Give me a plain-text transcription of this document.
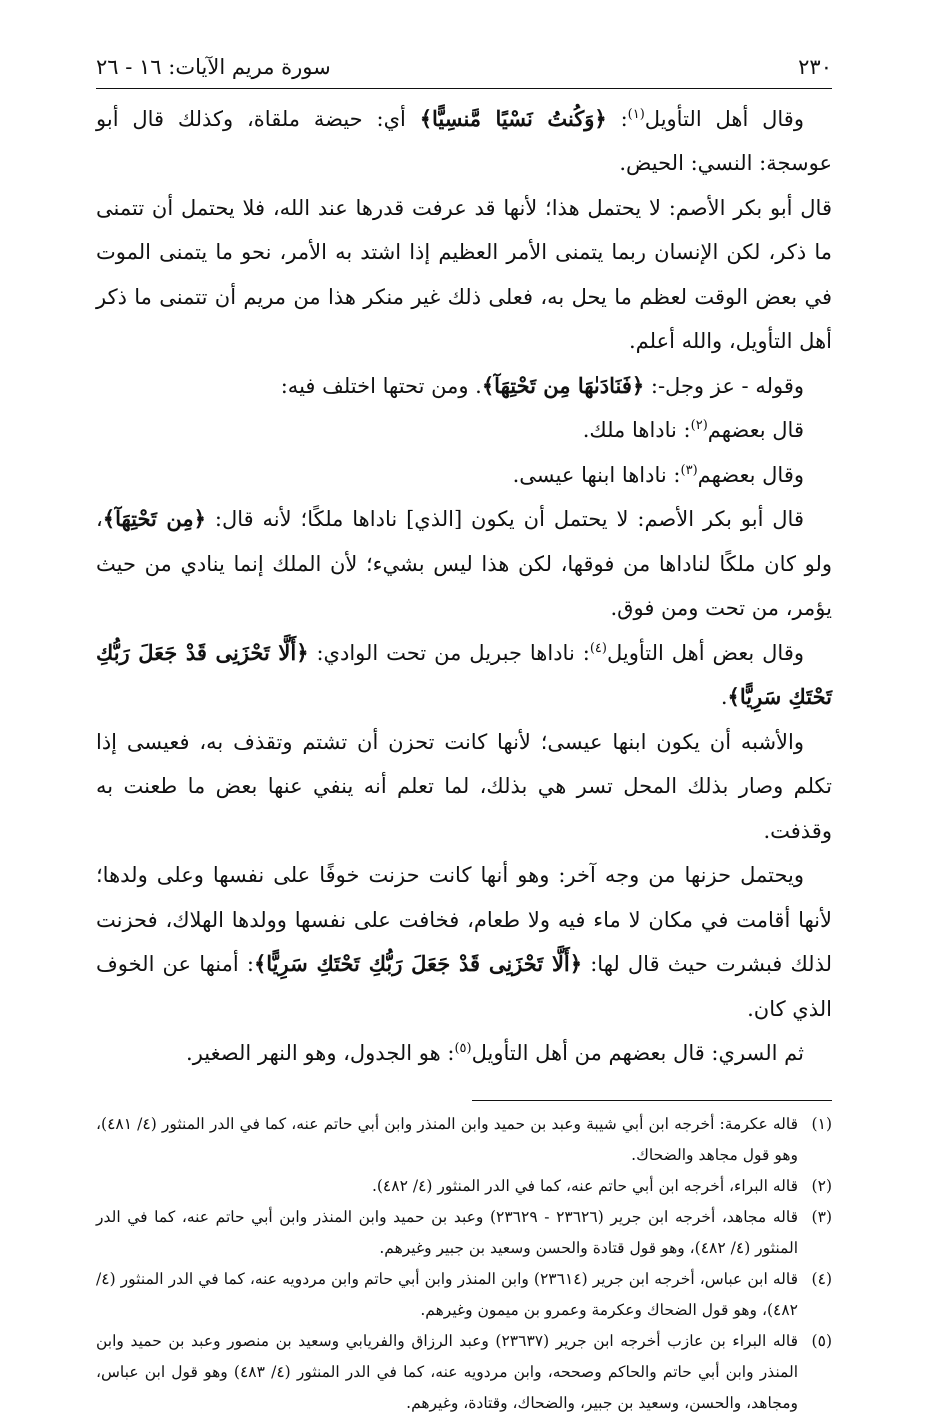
٢٣٠
سورة مريم الآيات: ١٦ - ٢٦

وقال أهل التأويل$^{(١)}$: ﴿وَكُنتُ نَسْيًا مَّنسِيًّا﴾ أي: حيضة ملقاة، وكذلك قال أبو عوسجة: النسي: الحيض.

قال أبو بكر الأصم: لا يحتمل هذا؛ لأنها قد عرفت قدرها عند الله، فلا يحتمل أن تتمنى ما ذكر، لكن الإنسان ربما يتمنى الأمر العظيم إذا اشتد به الأمر، نحو ما يتمنى الموت في بعض الوقت لعظم ما يحل به، فعلى ذلك غير منكر هذا من مريم أن تتمنى ما ذكر أهل التأويل، والله أعلم.

وقوله - عز وجل-: ﴿فَنَادَىٰهَا مِن تَحْتِهَآ﴾. ومن تحتها اختلف فيه:

قال بعضهم$^{(٢)}$: ناداها ملك.

وقال بعضهم$^{(٣)}$: ناداها ابنها عيسى.

قال أبو بكر الأصم: لا يحتمل أن يكون [الذي] ناداها ملكًا؛ لأنه قال: ﴿مِن تَحْتِهَآ﴾، ولو كان ملكًا لناداها من فوقها، لكن هذا ليس بشيء؛ لأن الملك إنما ينادي من حيث يؤمر، من تحت ومن فوق.

وقال بعض أهل التأويل$^{(٤)}$: ناداها جبريل من تحت الوادي: ﴿أَلَّا تَحْزَنِى قَدْ جَعَلَ رَبُّكِ تَحْتَكِ سَرِيًّا﴾.

والأشبه أن يكون ابنها عيسى؛ لأنها كانت تحزن أن تشتم وتقذف به، فعيسى إذا تكلم وصار بذلك المحل تسر هي بذلك، لما تعلم أنه ينفي عنها بعض ما طعنت به وقذفت.

ويحتمل حزنها من وجه آخر: وهو أنها كانت حزنت خوفًا على نفسها وعلى ولدها؛ لأنها أقامت في مكان لا ماء فيه ولا طعام، فخافت على نفسها وولدها الهلاك، فحزنت لذلك فبشرت حيث قال لها: ﴿أَلَّا تَحْزَنِى قَدْ جَعَلَ رَبُّكِ تَحْتَكِ سَرِيًّا﴾: أمنها عن الخوف الذي كان.

ثم السري: قال بعضهم من أهل التأويل$^{(٥)}$: هو الجدول، وهو النهر الصغير.

(١)
قاله عكرمة: أخرجه ابن أبي شيبة وعبد بن حميد وابن المنذر وابن أبي حاتم عنه، كما في الدر المنثور (٤/ ٤٨١)، وهو قول مجاهد والضحاك.
(٢)
قاله البراء، أخرجه ابن أبي حاتم عنه، كما في الدر المنثور (٤/ ٤٨٢).
(٣)
قاله مجاهد، أخرجه ابن جرير (٢٣٦٢٦ - ٢٣٦٢٩) وعبد بن حميد وابن المنذر وابن أبي حاتم عنه، كما في الدر المنثور (٤/ ٤٨٢)، وهو قول قتادة والحسن وسعيد بن جبير وغيرهم.
(٤)
قاله ابن عباس، أخرجه ابن جرير (٢٣٦١٤) وابن المنذر وابن أبي حاتم وابن مردويه عنه، كما في الدر المنثور (٤/ ٤٨٢)، وهو قول الضحاك وعكرمة وعمرو بن ميمون وغيرهم.
(٥)
قاله البراء بن عازب أخرجه ابن جرير (٢٣٦٣٧) وعبد الرزاق والفريابي وسعيد بن منصور وعبد بن حميد وابن المنذر وابن أبي حاتم والحاكم وصححه، وابن مردويه عنه، كما في الدر المنثور (٤/ ٤٨٣) وهو قول ابن عباس، ومجاهد، والحسن، وسعيد بن جبير، والضحاك، وقتادة، وغيرهم.
